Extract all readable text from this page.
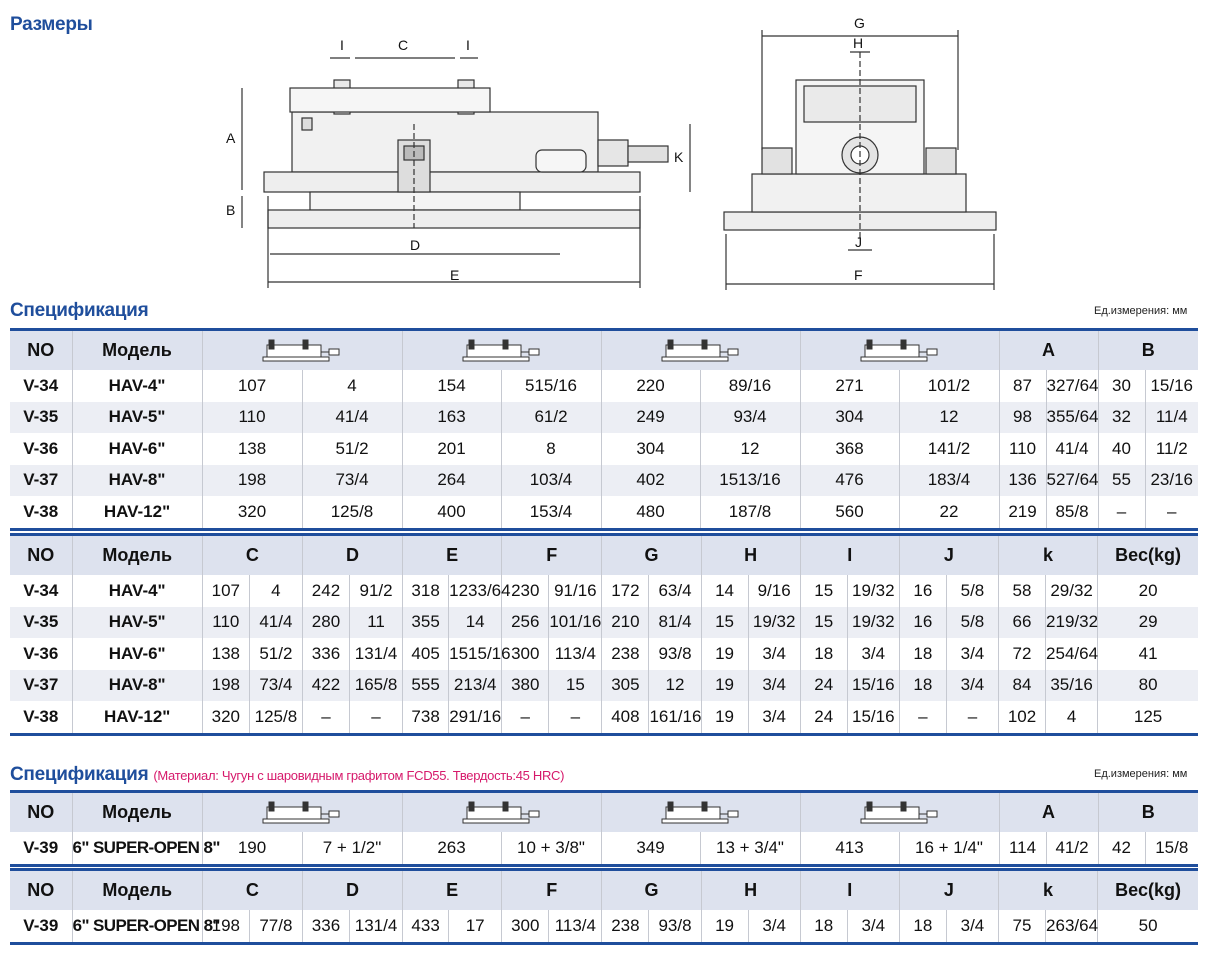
Размеры
A
B
C
I	I
D
E
K
G
H
J
F
Спецификация	Ед.измерения: мм
NO	Модель									A		B	
V-34	HAV-4"	107	4	154	515/16	220	89/16	271	101/2	87	327/64	30	15/16
V-35	HAV-5"	110	41/4	163	61/2	249	93/4	304	12	98	355/64	32	11/4
V-36	HAV-6"	138	51/2	201	8	304	12	368	141/2	110	41/4	40	11/2
V-37	HAV-8"	198	73/4	264	103/4	402	1513/16	476	183/4	136	527/64	55	23/16
V-38	HAV-12"	320	125/8	400	153/4	480	187/8	560	22	219	85/8	–	–
NO	Модель	C		D		E		F		G		H		I		J		k		Вес(kg)
V-34	HAV-4"	107	4	242	91/2	318	1233/64	230	91/16	172	63/4	14	9/16	15	19/32	16	5/8	58	29/32	20
V-35	HAV-5"	110	41/4	280	11	355	14	256	101/16	210	81/4	15	19/32	15	19/32	16	5/8	66	219/32	29
V-36	HAV-6"	138	51/2	336	131/4	405	1515/16	300	113/4	238	93/8	19	3/4	18	3/4	18	3/4	72	254/64	41
V-37	HAV-8"	198	73/4	422	165/8	555	213/4	380	15	305	12	19	3/4	24	15/16	18	3/4	84	35/16	80
V-38	HAV-12"	320	125/8	–	–	738	291/16	–	–	408	161/16	19	3/4	24	15/16	–	–	102	4	125
Спецификация (Материал: Чугун с шаровидным графитом FCD55. Твердость:45 HRC)	Ед.измерения: мм
NO	Модель									A		B	
V-39	6" SUPER-OPEN 8"	190	7 + 1/2"	263	10 + 3/8"	349	13 + 3/4"	413	16 + 1/4"	114	41/2	42	15/8
NO	Модель	C		D		E		F		G		H		I		J		k		Вес(kg)
V-39	6" SUPER-OPEN 8"	198	77/8	336	131/4	433	17	300	113/4	238	93/8	19	3/4	18	3/4	18	3/4	75	263/64	50
